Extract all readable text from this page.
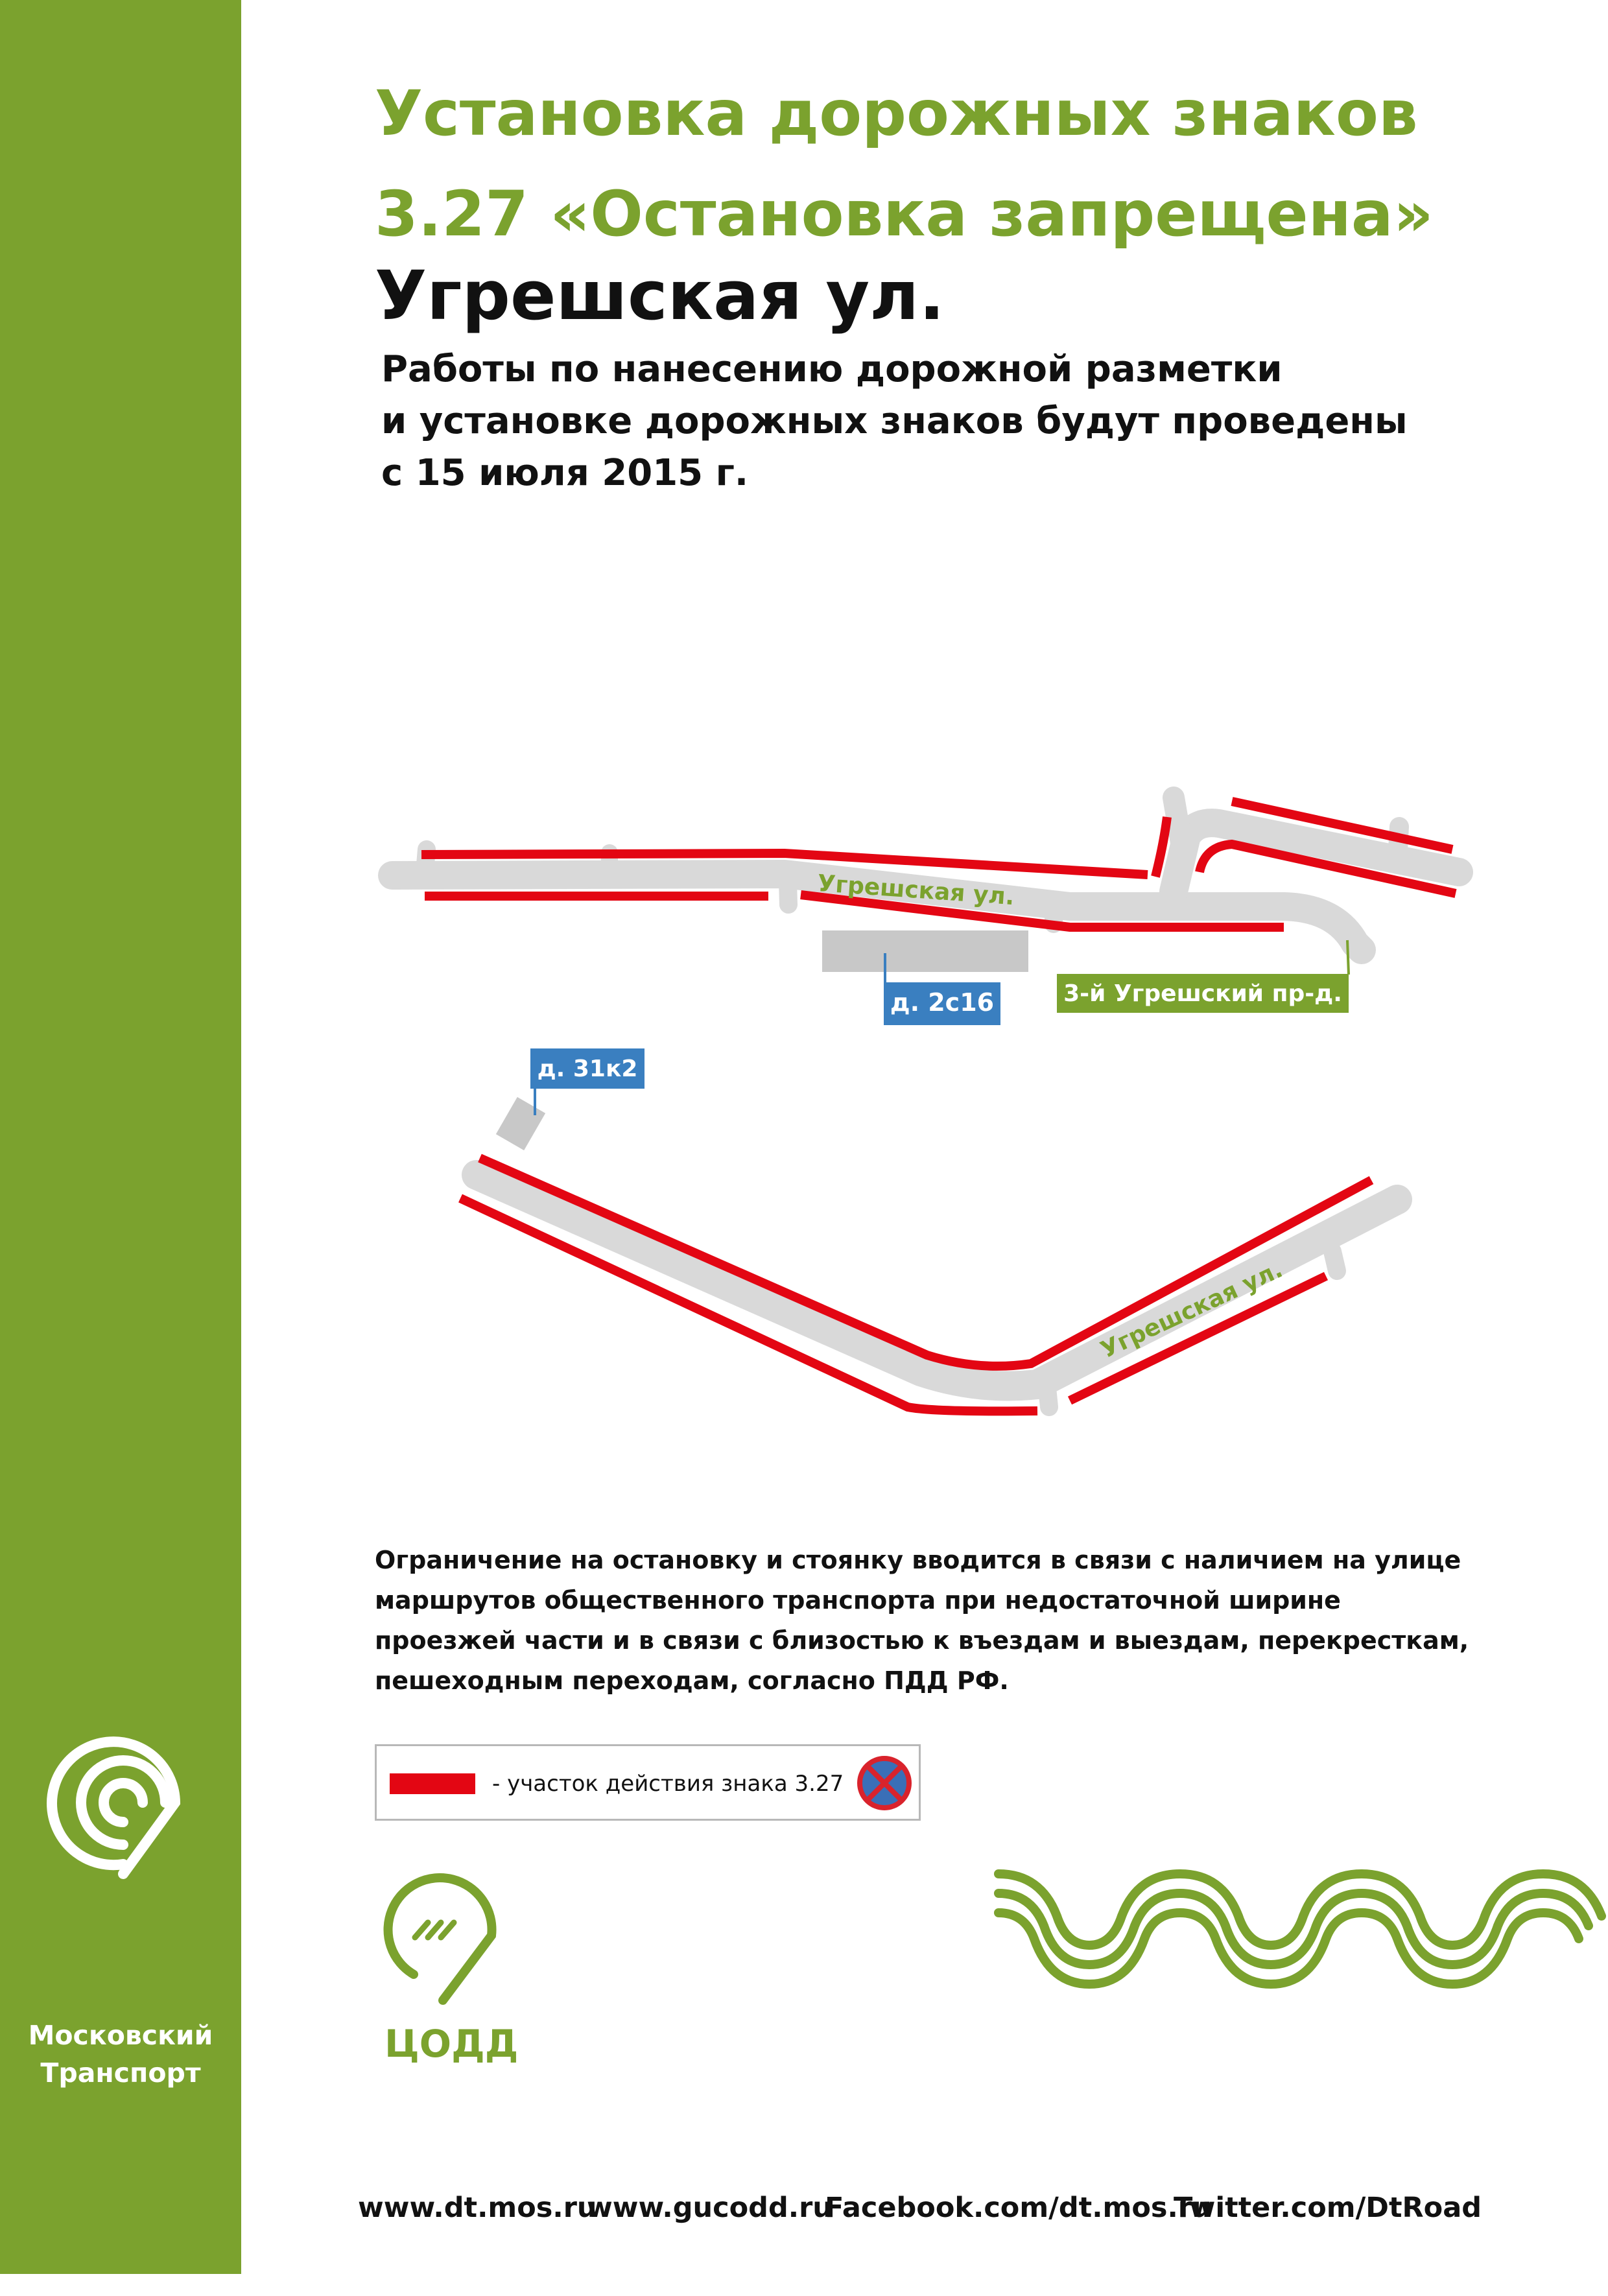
Московский
Транспорт
Установка дорожных знаков
3.27 «Остановка запрещена»
Угрешская ул.
Работы по нанесению дорожной разметки
и установке дорожных знаков будут проведены
с 15 июля 2015 г.
д. 2с16	3-й Угрешский пр-д.
Угрешская ул.
д. 31к2
Угрешская ул.
Ограничение на остановку и стоянку вводится в связи с наличием на улице маршрутов общественного транспорта при недостаточной ширине проезжей части и в связи с близостью к въездам и выездам, перекресткам, пешеходным переходам, согласно ПДД РФ.
- участок действия знака 3.27
ЦОДД
www.dt.mos.ru
www.gucodd.ru
Facebook.com/dt.mos.ru
Twitter.com/DtRoad
